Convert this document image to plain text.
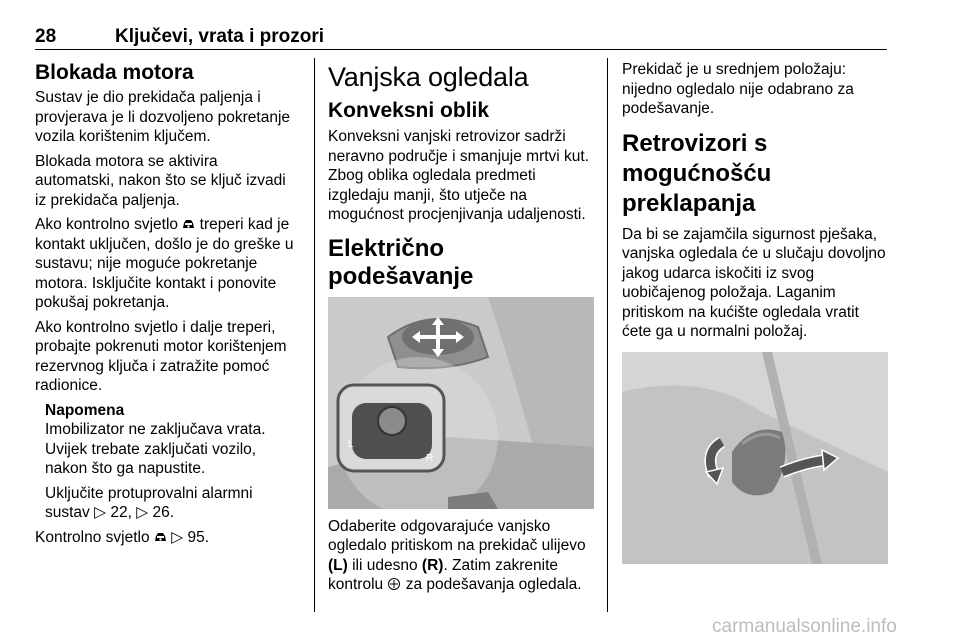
28	Ključevi, vrata i prozori
Blokada motora

Sustav je dio prekidača paljenja i provjerava je li dozvoljeno pokretanje vozila korištenim ključem.

Blokada motora se aktivira automatski, nakon što se ključ izvadi iz prekidača paljenja.

Ako kontrolno svjetlo  treperi kad je kontakt uključen, došlo je do greške u sustavu; nije moguće pokretanje motora. Isključite kontakt i ponovite pokušaj pokretanja.

Ako kontrolno svjetlo i dalje treperi, probajte pokrenuti motor korištenjem rezervnog ključa i zatražite pomoć radionice.

Napomena

Imobilizator ne zaključava vrata. Uvijek trebate zaključati vozilo, nakon što ga napustite.

Uključite protuprovalni alarmni sustav ▷ 22, ▷ 26.

Kontrolno svjetlo  ▷ 95.

Vanjska ogledala
Konveksni oblik

Konveksni vanjski retrovizor sadrži neravno područje i smanjuje mrtvi kut. Zbog oblika ogledala predmeti izgledaju manji, što utječe na mogućnost procjenjivanja udaljenosti.

Električno podešavanje
L
R

Odaberite odgovarajuće vanjsko ogledalo pritiskom na prekidač ulijevo (L) ili udesno (R). Zatim zakrenite kontrolu  za podešavanja ogledala.

Prekidač je u srednjem položaju: nijedno ogledalo nije odabrano za podešavanje.

Retrovizori s mogućnošću preklapanja

Da bi se zajamčila sigurnost pješaka, vanjska ogledala će u slučaju dovoljno jakog udarca iskočiti iz svog uobičajenog položaja. Laganim pritiskom na kućište ogledala vratit ćete ga u normalni položaj.

carmanualsonline.info
